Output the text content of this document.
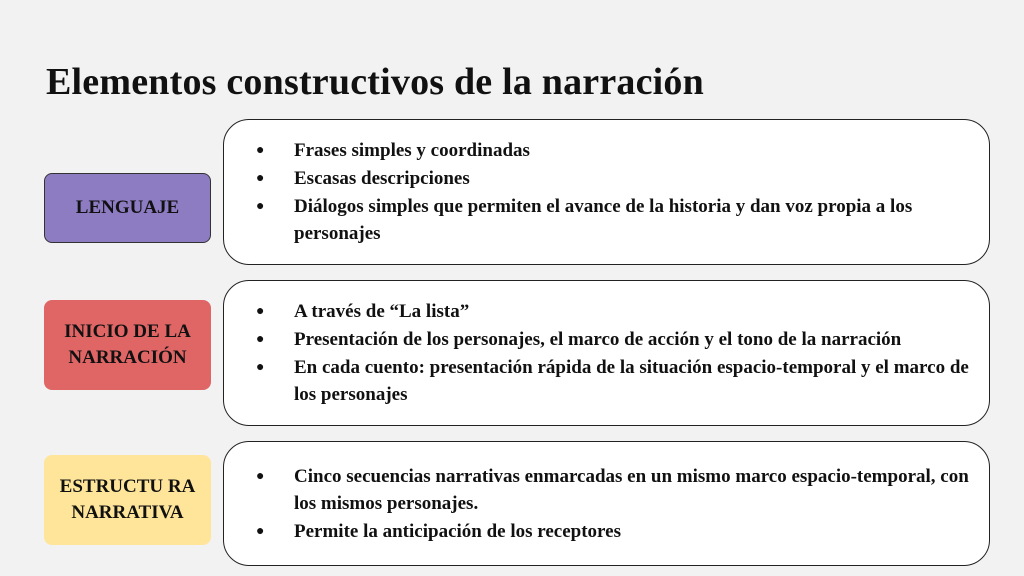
Elementos constructivos de la narración
LENGUAJE
● Frases simples y coordinadas
● Escasas descripciones
● Diálogos simples que permiten el avance de la historia y dan voz propia a los personajes
INICIO DE LA
NARRACIÓN
● A través de “La lista”
● Presentación de los personajes, el marco de acción y el tono de la narración
● En cada cuento: presentación rápida de la situación espacio-temporal y el marco de los personajes
ESTRUCTU RA
NARRATIVA
● Cinco secuencias narrativas enmarcadas en un mismo marco espacio-temporal, con los mismos personajes.
● Permite la anticipación de los receptores
